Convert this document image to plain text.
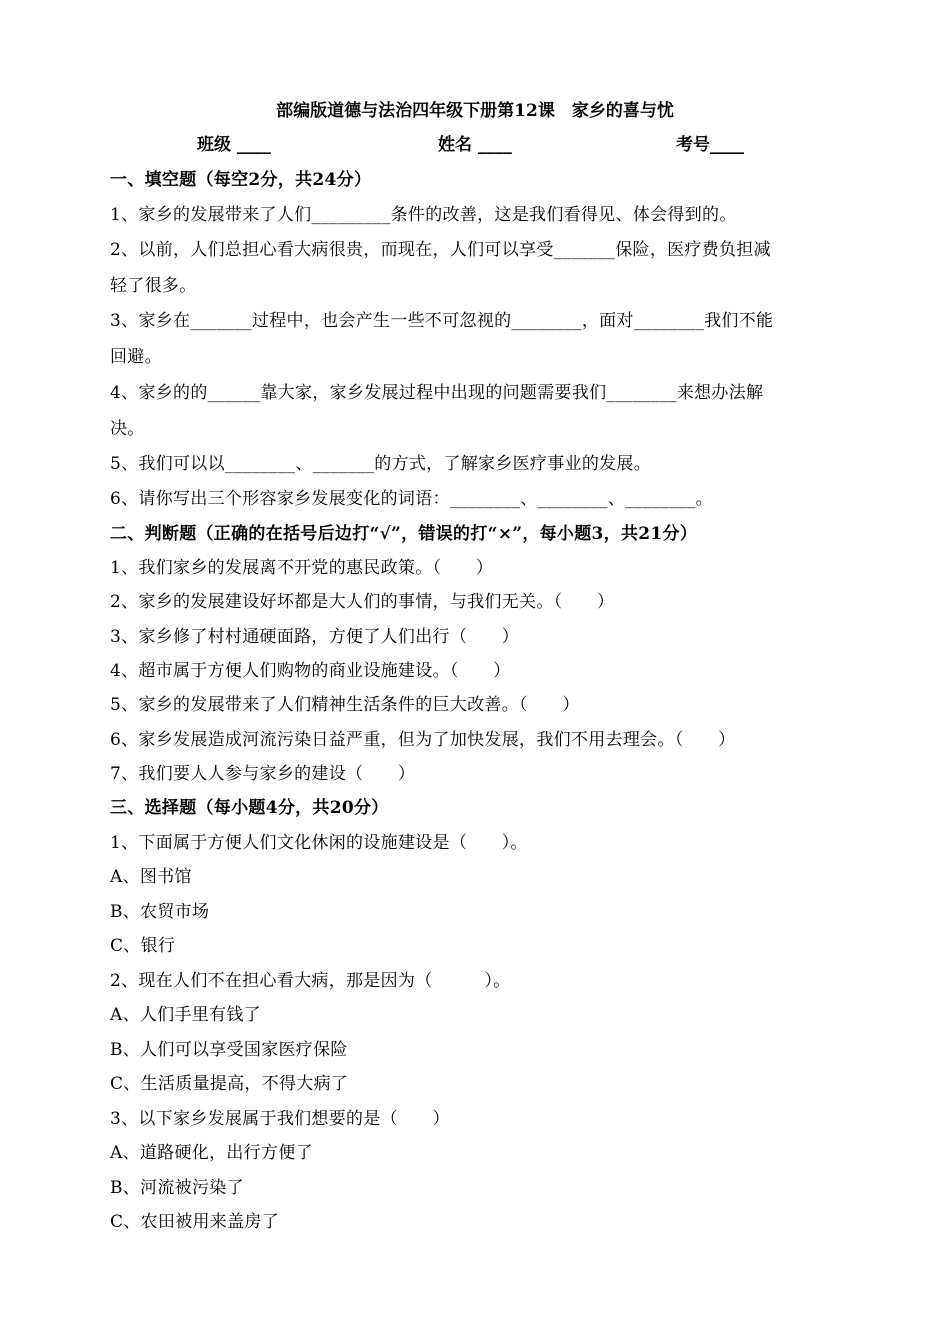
部编版道德与法治四年级下册第12课　家乡的喜与忧
班级 ____	姓名 ____	考号____
一、填空题（每空2分，共24分）
1、家乡的发展带来了人们_________条件的改善，这是我们看得见、体会得到的。
2、以前，人们总担心看大病很贵，而现在，人们可以享受_______保险，医疗费负担减
轻了很多。
3、家乡在_______过程中，也会产生一些不可忽视的________，面对________我们不能
回避。
4、家乡的的______靠大家，家乡发展过程中出现的问题需要我们________来想办法解
决。
5、我们可以以________、_______的方式，了解家乡医疗事业的发展。
6、请你写出三个形容家乡发展变化的词语：________、________、________。
二、判断题（正确的在括号后边打“√”，错误的打“×”，每小题3，共21分）
1、我们家乡的发展离不开党的惠民政策。（　　）
2、家乡的发展建设好坏都是大人们的事情，与我们无关。（　　）
3、家乡修了村村通硬面路，方便了人们出行（　　）
4、超市属于方便人们购物的商业设施建设。（　　）
5、家乡的发展带来了人们精神生活条件的巨大改善。（　　）
6、家乡发展造成河流污染日益严重，但为了加快发展，我们不用去理会。（　　）
7、我们要人人参与家乡的建设（　　）
三、选择题（每小题4分，共20分）
1、下面属于方便人们文化休闲的设施建设是（　　）。
A、图书馆
B、农贸市场
C、银行
2、现在人们不在担心看大病，那是因为（　　　）。
A、人们手里有钱了
B、人们可以享受国家医疗保险
C、生活质量提高，不得大病了
3、以下家乡发展属于我们想要的是（　　）
A、道路硬化，出行方便了
B、河流被污染了
C、农田被用来盖房了
